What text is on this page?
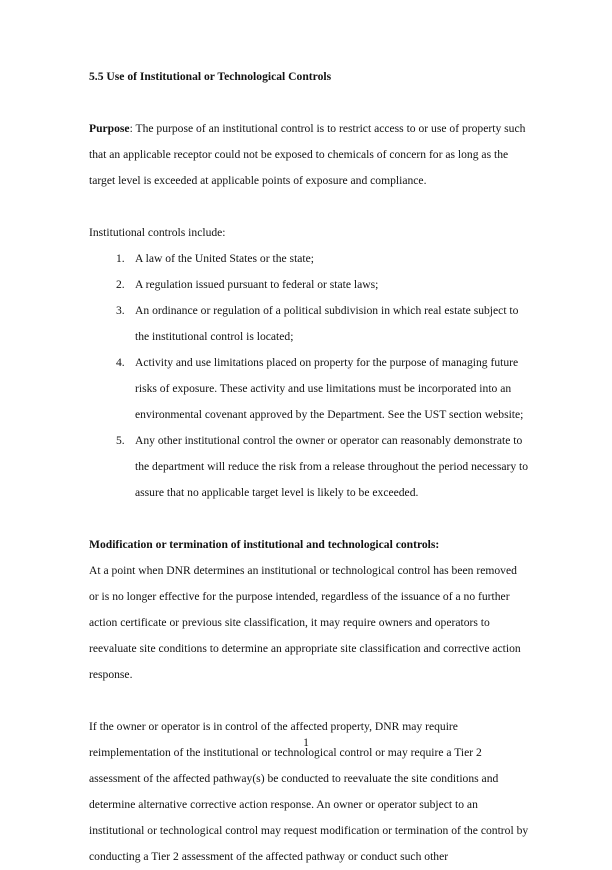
5.5 Use of Institutional or Technological Controls

Purpose: The purpose of an institutional control is to restrict access to or use of property such that an applicable receptor could not be exposed to chemicals of concern for as long as the target level is exceeded at applicable points of exposure and compliance.

Institutional controls include:

1. A law of the United States or the state;
2. A regulation issued pursuant to federal or state laws;
3. An ordinance or regulation of a political subdivision in which real estate subject to the institutional control is located;
4. Activity and use limitations placed on property for the purpose of managing future risks of exposure. These activity and use limitations must be incorporated into an environmental covenant approved by the Department. See the UST section website;
5. Any other institutional control the owner or operator can reasonably demonstrate to the department will reduce the risk from a release throughout the period necessary to assure that no applicable target level is likely to be exceeded.

Modification or termination of institutional and technological controls:

At a point when DNR determines an institutional or technological control has been removed or is no longer effective for the purpose intended, regardless of the issuance of a no further action certificate or previous site classification, it may require owners and operators to reevaluate site conditions to determine an appropriate site classification and corrective action response.

If the owner or operator is in control of the affected property, DNR may require reimplementation of the institutional or technological control or may require a Tier 2 assessment of the affected pathway(s) be conducted to reevaluate the site conditions and determine alternative corrective action response. An owner or operator subject to an institutional or technological control may request modification or termination of the control by conducting a Tier 2 assessment of the affected pathway or conduct such other

1
